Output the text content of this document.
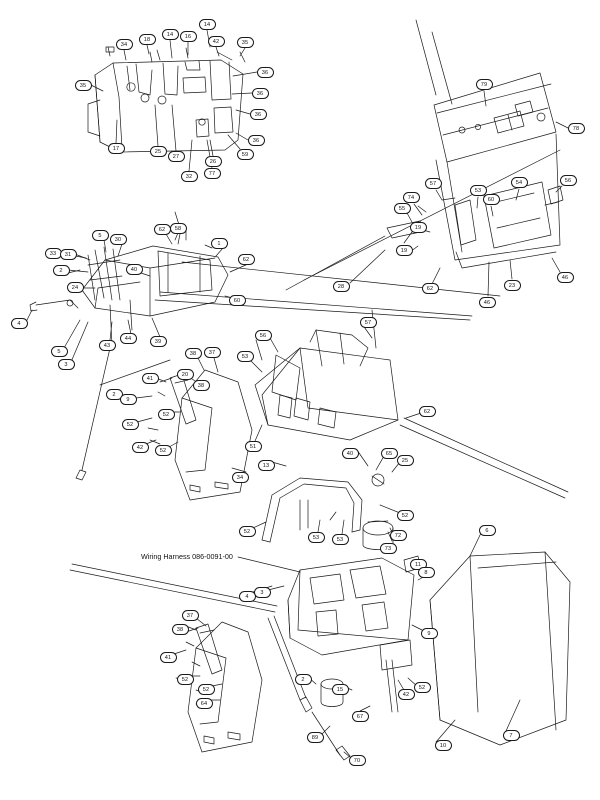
Wiring Harness 086-0091-00
35
34
18
14	16
14
42	35
36
36
36
36
59
17	25
27
32	77
26
79
78
74
57
53
54	56
55
60
19
19
62
46
23
46
28
33	31
5
30
62	58
1
62
2
24
40
60
4
5
3
43
44	39
56
57
38	37
53
41
20
38
2
9
52
52
42	52
51
34
13
62
40	65
25
52
52
53	53
72
73
11
6
8
9
4
3
37
38
41
52
52
64
2
15
67
42
52
89
70
10
7
